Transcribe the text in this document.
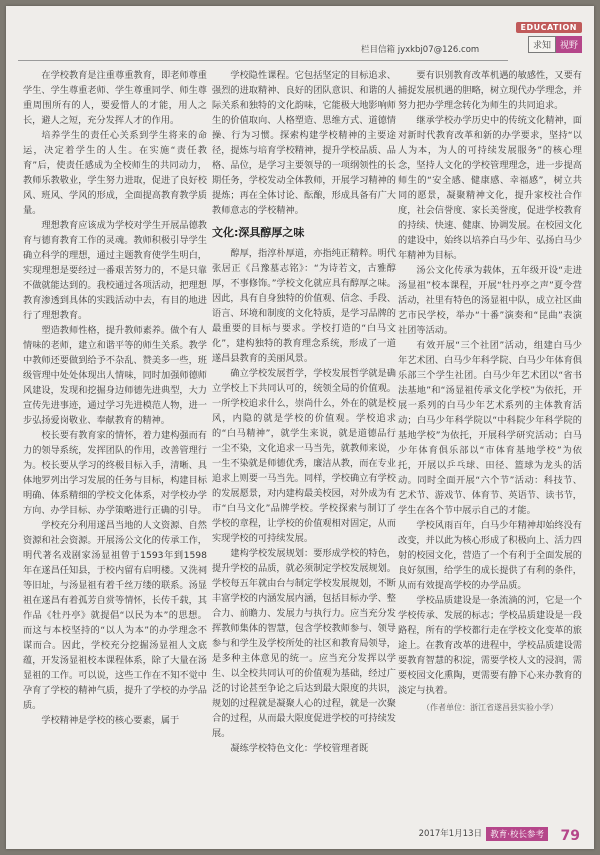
EDUCATION
求知	视野
栏目信箱 jyxkbj07@126.com

在学校教育是注重尊重教育，即老师尊重学生、学生尊重老师、学生尊重同学、师生尊重周围所有的人，要爱惜人的才能，用人之长，避人之短，充分发挥人才的作用。

培养学生的责任心关系到学生将来的命运，决定着学生的人生。在实施“责任教育”后，使责任感成为全校师生的共同动力，教师乐教敬业，学生努力进取，促进了良好校风、班风、学风的形成，全面提高教育教学质量。

理想教育应该成为学校对学生开展品德教育与德育教育工作的灵魂。教师积极引导学生确立科学的理想，通过主题教育使学生明白，实现理想是要经过一番艰苦努力的，不是只靠不做就能达到的。我校通过各项活动，把理想教育渗透到具体的实践活动中去，有目的地进行了理想教育。

塑造教师性格，提升教师素养。做个有人情味的老师，建立和谐平等的师生关系。教学中教师还要做到给予不杂乱、赞美多一些，班级管理中处处体现出人情味，同时加强师德师风建设，发现和挖掘身边师德先进典型，大力宣传先进事迹，通过学习先进模范人物，进一步弘扬爱岗敬业、奉献教育的精神。

校长要有教育家的情怀，着力建构强而有力的领导系统，发挥团队的作用，改善管理行为。校长要从学习的终极目标入手，清晰、具体地罗列出学习发展的任务与目标，构建目标明确、体系精细的学校文化体系，对学校办学方向、办学目标、办学策略进行正确的引导。

学校充分利用遂昌当地的人文资源、自然资源和社会资源。开展汤公文化的传承工作，明代著名戏剧家汤显祖曾于1593年到1598年在遂昌任知县，于校内留有启明楼。又洗祠等旧址，与汤显祖有着千丝万缕的联系。汤显祖在遂昌有着孤芳自赏等情怀，长传千载，其作品《牡丹亭》就提倡“以民为本”的思想。而这与本校坚持的“以人为本”的办学理念不谋而合。因此，学校充分挖掘汤显祖人文底蕴，开发汤显祖校本课程体系，除了大量在汤显祖的工作。可以说，这些工作在不知不觉中孕育了学校的精神气质，提升了学校的办学品质。

学校精神是学校的核心要素，属于

学校隐性课程。它包括坚定的目标追求、强烈的进取精神、良好的团队意识、和谐的人际关系和独特的文化韵味，它能极大地影响师生的价值取向、人格塑造、思维方式、道德情操、行为习惯。探索构建学校精神的主要途径，提炼与培育学校精神，提升学校品质、品格、品位，是学习主要领导的一项纲领性的长期任务，学校发动全体教师，开展学习精神的提炼；再在全体讨论、酝酿，形成具备有广大教师意志的学校精神。

文化:深具醇厚之味

醇厚，指淳朴厚道，亦指纯正精粹。明代张居正《吕豫墓志铭》：“为诗若文，古雅醇厚，不事修饰。”学校文化就应具有醇厚之味。因此，具有自身独特的价值观、信念、手段、语言、环境和制度的文化特质，是学习品牌的最重要的目标与要求。学校打造的“白马文化”，建构独特的教育理念系统，形成了一道遂昌县教育的美丽风景。

确立学校发展哲学，学校发展哲学就是确立学校上下共同认可的，统领全局的价值观。一所学校追求什么，崇尚什么，外在的就是校风，内隐的就是学校的价值观。学校追求的“白马精神”，就学生来说，就是道德品行一尘不染，文化追求一马当先，就教师来说，一生不染就是师德优秀，廉洁从教，而在专业追求上则要一马当先。同样，学校确立有学校的发展愿景，对内建构最美校园，对外成为有市“白马文化”品牌学校。学校探索与制订了学校的章程，让学校的价值观相对固定，从而实现学校的可持续发展。

建构学校发展规划：要形成学校的特色，提升学校的品质，就必须制定学校发展规划。学校每五年就由台与制定学校发展规划，不断丰富学校的内涵发展内涵，包括目标办学、整合力、前瞻力、发展力与执行力。应当充分发挥教师集体的智慧，包含学校教师参与、领导参与和学生及学校所处的社区和教育局领导，是多种主体意见的统一。应当充分发挥以学生、以全校共同认可的价值观为基础，经过广泛的讨论甚至争论之后达到最大限度的共识，规划的过程就是凝聚人心的过程，就是一次聚合的过程，从而最大限度促进学校的可持续发展。

凝练学校特色文化：学校管理者既

要有识别教育改革机遇的敏感性，又要有捕捉发展机遇的胆略，树立现代办学理念，并努力把办学理念转化为师生的共同追求。

继承学校办学历史中的传统文化精神，面对新时代教育改革和新的办学要求，坚持“以人为本，为人的可持续发展服务”的核心理念，坚持人文化的学校管理理念，进一步提高师生的“安全感、健康感、幸福感”，树立共同的愿景，凝聚精神文化，提升家校社合作度，社会信誉度、家长美誉度，促进学校教育的持续、快速、健康、协调发展。在校园文化的建设中，始终以培养白马少年、弘扬白马少年精神为目标。

汤公文化传承为载体，五年级开设“走进汤显祖”校本课程，开展“牡丹亭之声”夏令营活动，社里有特色的汤显祖中队，成立社区曲艺市民学校，举办“十番”演奏和“昆曲”表演社团等活动。

有效开展“三个社团”活动，组建白马少年艺术团、白马少年科学院、白马少年体育俱乐部三个学生社团。白马少年艺术团以“省书法基地”和“汤显祖传承文化学校”为依托，开展一系列的白马少年艺术系列的主体教育活动；白马少年科学院以“中科院少年科学院的基地学校”为依托，开展科学研究活动；白马少年体育俱乐部以“市体育基地学校”为依托，开展以乒乓球、田径、篮球为龙头的活动。同时全面开展“六个节”活动：科技节、艺术节、游戏节、体育节、英语节、读书节，学生在各个节中展示自己的才能。

学校风雨百年，白马少年精神却始终没有改变，并以此为核心形成了积极向上、活力四射的校园文化，营造了一个有利于全面发展的良好氛围，给学生的成长提供了有利的条件，从而有效提高学校的办学品质。

学校品质建设是一条流淌的河，它是一个学校传承、发展的标志；学校品质建设是一段路程，所有的学校都行走在学校文化变革的旅途上。在教育改革的进程中，学校品质建设需要教育智慧的积淀，需要学校人文的浸润，需要校园文化熏陶，更需要有静下心来办教育的淡定与执着。

（作者单位：浙江省遂昌县实验小学）
2017年1月13日 教育·校长参考 79
